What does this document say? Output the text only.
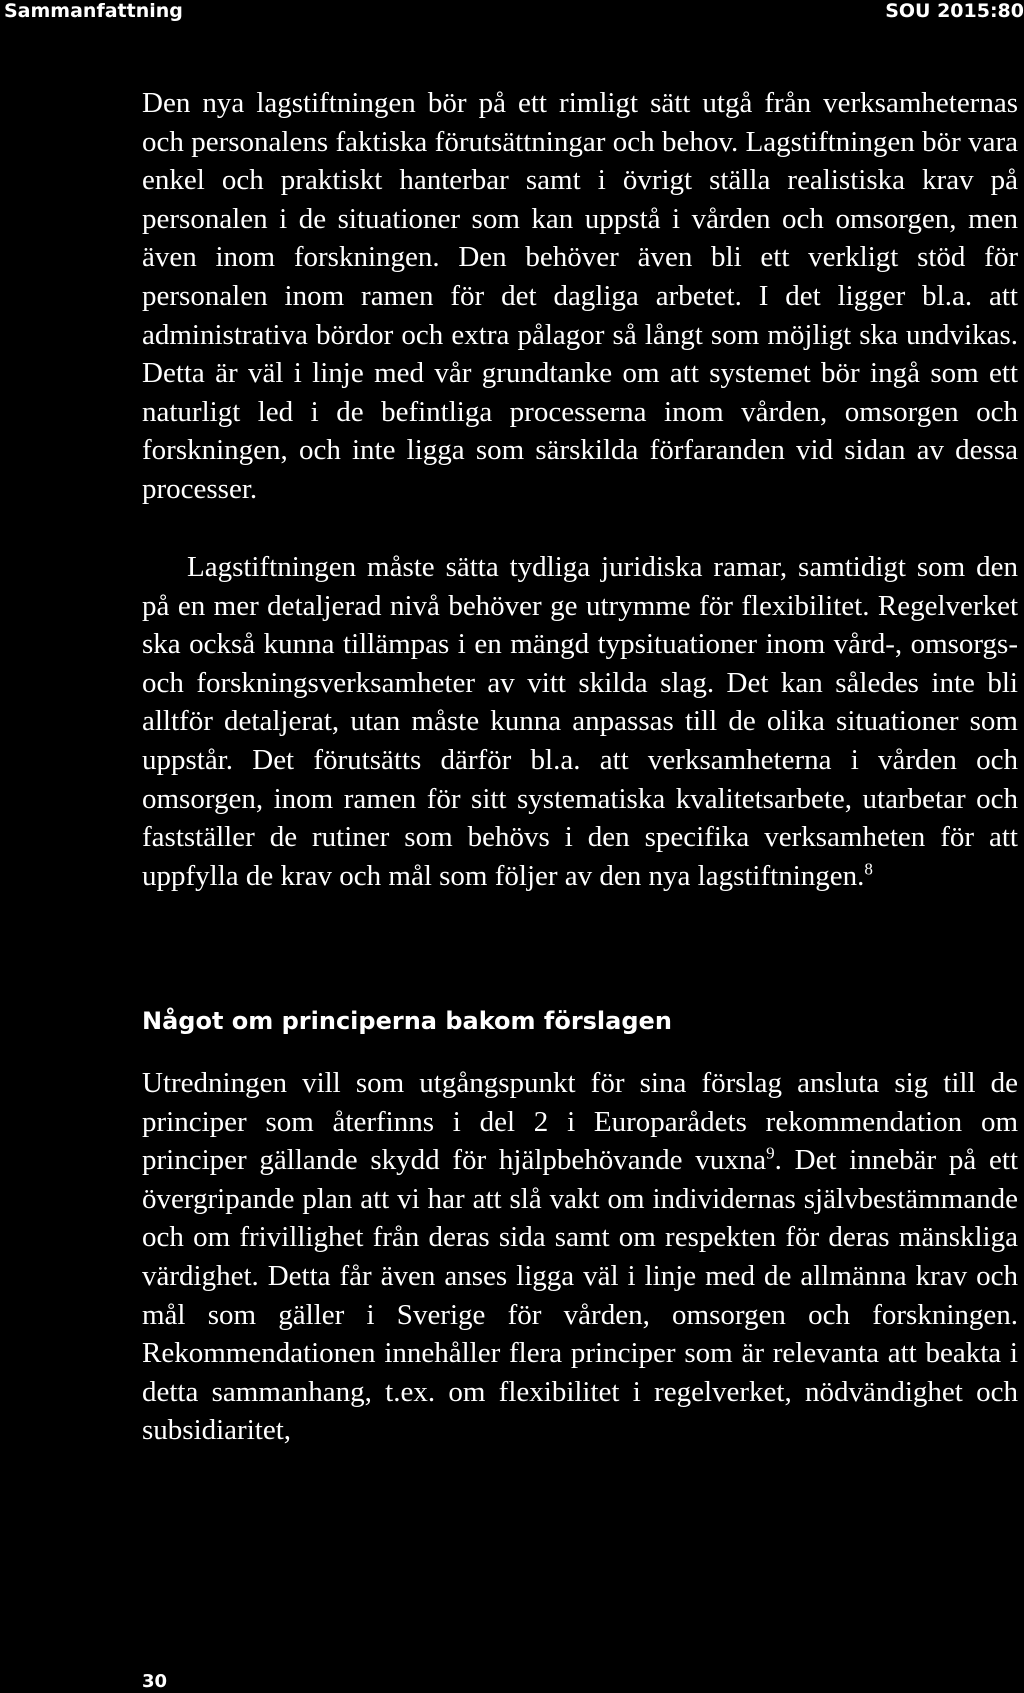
Sammanfattning	SOU 2015:80

Den nya lagstiftningen bör på ett rimligt sätt utgå från verksamheternas och personalens faktiska förutsättningar och behov. Lagstiftningen bör vara enkel och praktiskt hanterbar samt i övrigt ställa realistiska krav på personalen i de situationer som kan uppstå i vården och omsorgen, men även inom forskningen. Den behöver även bli ett verkligt stöd för personalen inom ramen för det dagliga arbetet. I det ligger bl.a. att administrativa bördor och extra pålagor så långt som möjligt ska undvikas. Detta är väl i linje med vår grundtanke om att systemet bör ingå som ett naturligt led i de befintliga processerna inom vården, omsorgen och forskningen, och inte ligga som särskilda förfaranden vid sidan av dessa processer.

Lagstiftningen måste sätta tydliga juridiska ramar, samtidigt som den på en mer detaljerad nivå behöver ge utrymme för flexibilitet. Regelverket ska också kunna tillämpas i en mängd typsituationer inom vård-, omsorgs- och forskningsverksamheter av vitt skilda slag. Det kan således inte bli alltför detaljerat, utan måste kunna anpassas till de olika situationer som uppstår. Det förutsätts därför bl.a. att verksamheterna i vården och omsorgen, inom ramen för sitt systematiska kvalitetsarbete, utarbetar och fastställer de rutiner som behövs i den specifika verksamheten för att uppfylla de krav och mål som följer av den nya lagstiftningen.$^8$

Något om principerna bakom förslagen

Utredningen vill som utgångspunkt för sina förslag ansluta sig till de principer som återfinns i del 2 i Europarådets rekommendation om principer gällande skydd för hjälpbehövande vuxna$^9$. Det innebär på ett övergripande plan att vi har att slå vakt om individernas självbestämmande och om frivillighet från deras sida samt om respekten för deras mänskliga värdighet. Detta får även anses ligga väl i linje med de allmänna krav och mål som gäller i Sverige för vården, omsorgen och forskningen. Rekommendationen innehåller flera principer som är relevanta att beakta i detta sammanhang, t.ex. om flexibilitet i regelverket, nödvändighet och subsidiaritet,

30
